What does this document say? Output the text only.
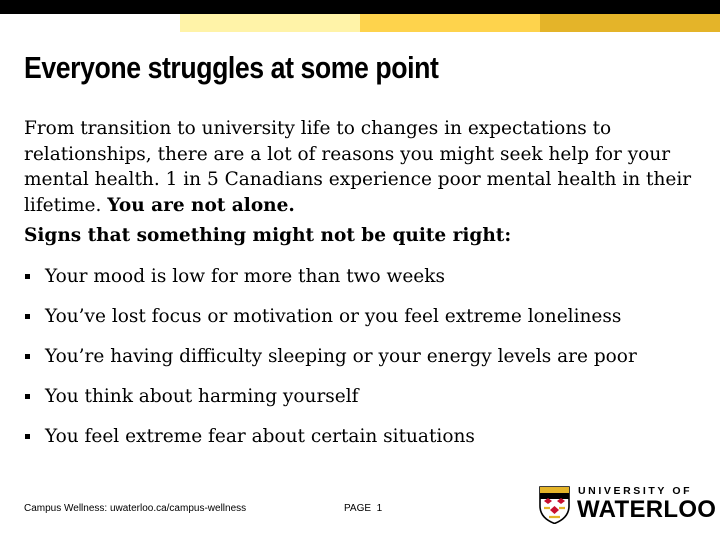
Everyone struggles at some point
From transition to university life to changes in expectations to relationships, there are a lot of reasons you might seek help for your mental health. 1 in 5 Canadians experience poor mental health in their lifetime. You are not alone.
Signs that something might not be quite right:
Your mood is low for more than two weeks
You’ve lost focus or motivation or you feel extreme loneliness
You’re having difficulty sleeping or your energy levels are poor
You think about harming yourself
You feel extreme fear about certain situations
Campus Wellness: uwaterloo.ca/campus-wellness	PAGE 1
UNIVERSITY OF
WATERLOO
